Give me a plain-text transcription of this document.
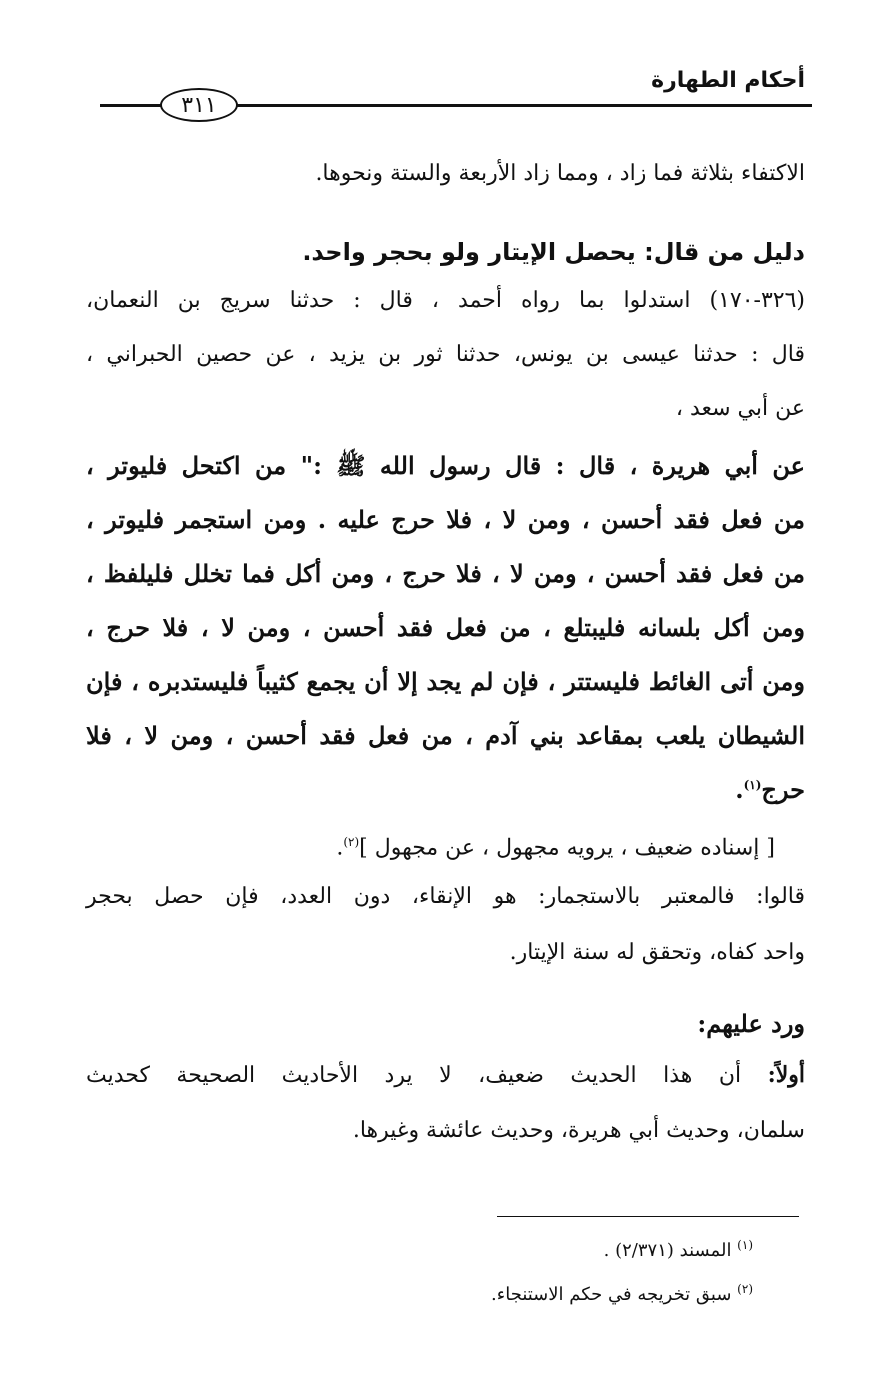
أحكام الطهارة
٣١١
الاكتفاء بثلاثة فما زاد ، ومما زاد الأربعة والستة ونحوها.
دليل من قال: يحصل الإيتار ولو بحجر واحد.
(٣٢٦-١٧٠) استدلوا بما رواه أحمد ، قال : حدثنا سريج بن النعمان،
قال : حدثنا عيسى بن يونس، حدثنا ثور بن يزيد ، عن حصين الحبراني ،
عن أبي سعد ،
عن أبي هريرة ، قال : قال رسول الله ﷺ :" من اكتحل فليوتر ،
من فعل فقد أحسن ، ومن لا ، فلا حرج عليه . ومن استجمر فليوتر ،
من فعل فقد أحسن ، ومن لا ، فلا حرج ، ومن أكل فما تخلل فليلفظ ،
ومن أكل بلسانه فليبتلع ، من فعل فقد أحسن ، ومن لا ، فلا حرج ،
ومن أتى الغائط فليستتر ، فإن لم يجد إلا أن يجمع كثيباً فليستدبره ، فإن
الشيطان يلعب بمقاعد بني آدم ، من فعل فقد أحسن ، ومن لا ، فلا
حرج$^{(١)}$.
[ إسناده ضعيف ، يرويه مجهول ، عن مجهول ]$^{(٢)}$.
قالوا: فالمعتبر بالاستجمار: هو الإنقاء، دون العدد، فإن حصل بحجر
واحد كفاه، وتحقق له سنة الإيتار.
ورد عليهم:
أولاً: أن هذا الحديث ضعيف، لا يرد الأحاديث الصحيحة كحديث
سلمان، وحديث أبي هريرة، وحديث عائشة وغيرها.
$^{(١)}$ المسند (٢/٣٧١) .
$^{(٢)}$ سبق تخريجه في حكم الاستنجاء.
